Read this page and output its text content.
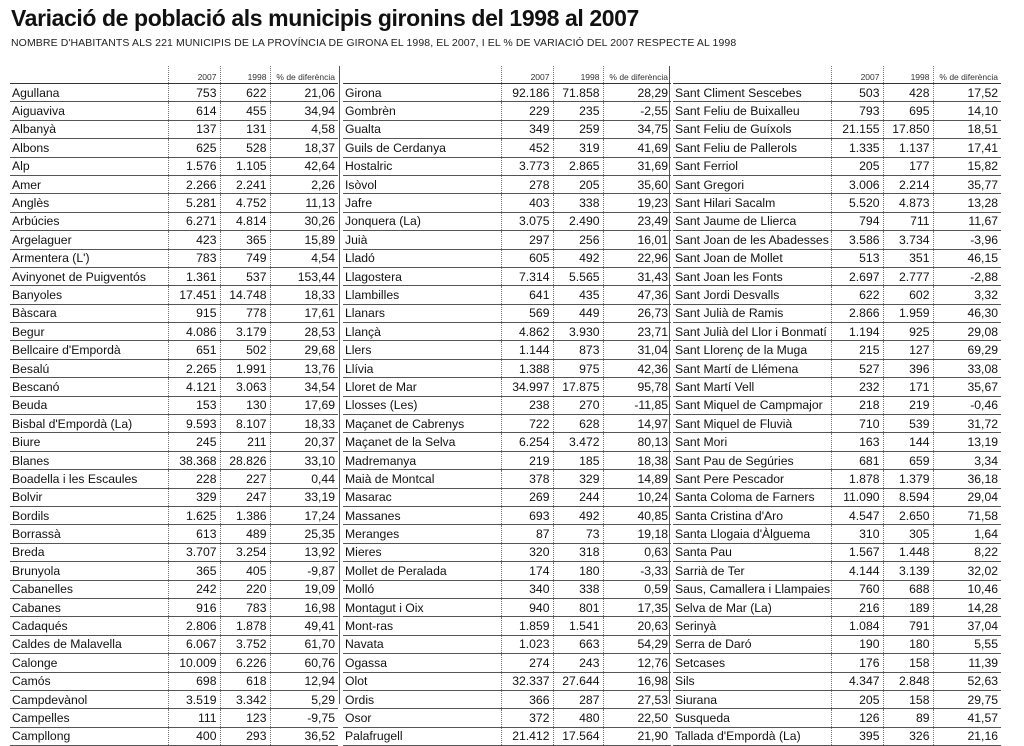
Variació de població als municipis gironins del 1998 al 2007
NOMBRE D'HABITANTS ALS 221 MUNICIPIS DE LA PROVÍNCIA DE GIRONA EL 1998, EL 2007, I EL % DE VARIACIÓ DEL 2007 RESPECTE AL 1998
	2007	1998	% de diferència
Agullana	753	622	21,06
Aiguaviva	614	455	34,94
Albanyà	137	131	4,58
Albons	625	528	18,37
Alp	1.576	1.105	42,64
Amer	2.266	2.241	2,26
Anglès	5.281	4.752	11,13
Arbúcies	6.271	4.814	30,26
Argelaguer	423	365	15,89
Armentera (L')	783	749	4,54
Avinyonet de Puigventós	1.361	537	153,44
Banyoles	17.451	14.748	18,33
Bàscara	915	778	17,61
Begur	4.086	3.179	28,53
Bellcaire d'Empordà	651	502	29,68
Besalú	2.265	1.991	13,76
Bescanó	4.121	3.063	34,54
Beuda	153	130	17,69
Bisbal d'Empordà (La)	9.593	8.107	18,33
Biure	245	211	20,37
Blanes	38.368	28.826	33,10
Boadella i les Escaules	228	227	0,44
Bolvir	329	247	33,19
Bordils	1.625	1.386	17,24
Borrassà	613	489	25,35
Breda	3.707	3.254	13,92
Brunyola	365	405	-9,87
Cabanelles	242	220	19,09
Cabanes	916	783	16,98
Cadaqués	2.806	1.878	49,41
Caldes de Malavella	6.067	3.752	61,70
Calonge	10.009	6.226	60,76
Camós	698	618	12,94
Campdevànol	3.519	3.342	5,29
Campelles	111	123	-9,75
Campllong	400	293	36,52
	2007	1998	% de diferència
Girona	92.186	71.858	28,29
Gombrèn	229	235	-2,55
Gualta	349	259	34,75
Guils de Cerdanya	452	319	41,69
Hostalric	3.773	2.865	31,69
Isòvol	278	205	35,60
Jafre	403	338	19,23
Jonquera (La)	3.075	2.490	23,49
Juià	297	256	16,01
Lladó	605	492	22,96
Llagostera	7.314	5.565	31,43
Llambilles	641	435	47,36
Llanars	569	449	26,73
Llançà	4.862	3.930	23,71
Llers	1.144	873	31,04
Llívia	1.388	975	42,36
Lloret de Mar	34.997	17.875	95,78
Llosses (Les)	238	270	-11,85
Maçanet de Cabrenys	722	628	14,97
Maçanet de la Selva	6.254	3.472	80,13
Madremanya	219	185	18,38
Maià de Montcal	378	329	14,89
Masarac	269	244	10,24
Massanes	693	492	40,85
Meranges	87	73	19,18
Mieres	320	318	0,63
Mollet de Peralada	174	180	-3,33
Molló	340	338	0,59
Montagut i Oix	940	801	17,35
Mont-ras	1.859	1.541	20,63
Navata	1.023	663	54,29
Ogassa	274	243	12,76
Olot	32.337	27.644	16,98
Ordis	366	287	27,53
Osor	372	480	22,50
Palafrugell	21.412	17.564	21,90
	2007	1998	% de diferència
Sant Climent Sescebes	503	428	17,52
Sant Feliu de Buixalleu	793	695	14,10
Sant Feliu de Guíxols	21.155	17.850	18,51
Sant Feliu de Pallerols	1.335	1.137	17,41
Sant Ferriol	205	177	15,82
Sant Gregori	3.006	2.214	35,77
Sant Hilari Sacalm	5.520	4.873	13,28
Sant Jaume de Llierca	794	711	11,67
Sant Joan de les Abadesses	3.586	3.734	-3,96
Sant Joan de Mollet	513	351	46,15
Sant Joan les Fonts	2.697	2.777	-2,88
Sant Jordi Desvalls	622	602	3,32
Sant Julià de Ramis	2.866	1.959	46,30
Sant Julià del Llor i Bonmatí	1.194	925	29,08
Sant Llorenç de la Muga	215	127	69,29
Sant Martí de Llémena	527	396	33,08
Sant Martí Vell	232	171	35,67
Sant Miquel de Campmajor	218	219	-0,46
Sant Miquel de Fluvià	710	539	31,72
Sant Mori	163	144	13,19
Sant Pau de Segúries	681	659	3,34
Sant Pere Pescador	1.878	1.379	36,18
Santa Coloma de Farners	11.090	8.594	29,04
Santa Cristina d'Aro	4.547	2.650	71,58
Santa Llogaia d'Àlguema	310	305	1,64
Santa Pau	1.567	1.448	8,22
Sarrià de Ter	4.144	3.139	32,02
Saus, Camallera i Llampaies	760	688	10,46
Selva de Mar (La)	216	189	14,28
Serinyà	1.084	791	37,04
Serra de Daró	190	180	5,55
Setcases	176	158	11,39
Sils	4.347	2.848	52,63
Siurana	205	158	29,75
Susqueda	126	89	41,57
Tallada d'Empordà (La)	395	326	21,16
